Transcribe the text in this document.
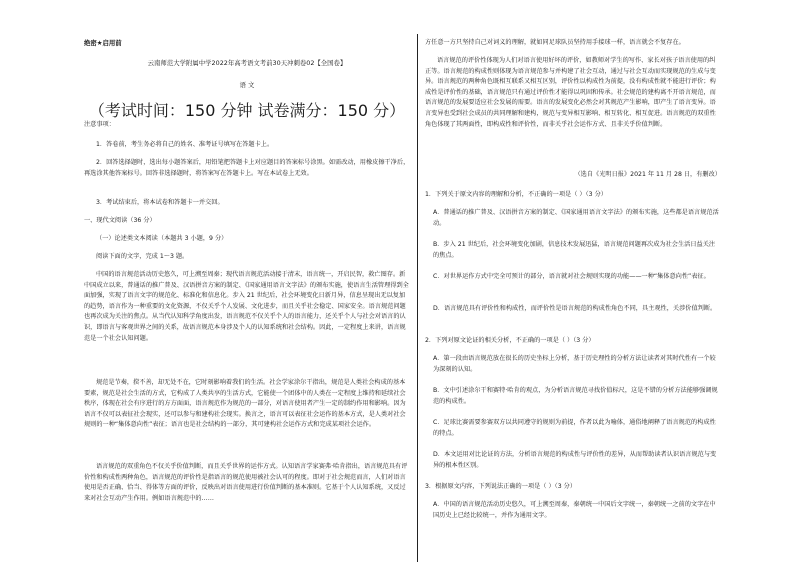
绝密★启用前
云南师范大学附属中学2022年高考语文考前30天冲刺卷02【全国卷】
语 文
（考试时间：150 分钟 试卷满分：150 分）
注意事项：
1．答卷前，考生务必将自己的姓名、准考证号填写在答题卡上。
2．回答选择题时，选出每小题答案后，用铅笔把答题卡上对应题目的答案标号涂黑。如需改动，用橡皮擦干净后，再选涂其他答案标号。回答非选择题时，将答案写在答题卡上。写在本试卷上无效。
3．考试结束后，将本试卷和答题卡一并交回。
一、现代文阅读（36 分）
（一）论述类文本阅读（本题共 3 小题，9 分）
阅读下面的文字，完成 1～3 题。
中国的语言规范活动历史悠久，可上溯至周秦；现代语言规范活动接于清末，语言统一，开启民智，救亡图存。新中国成立以来，普通话的推广普及、汉语拼音方案的制定、《国家通用语言文字法》的颁布实施，使语言生活管理得到全面加强，实现了语言文字的规范化、标准化和信息化。步入 21 世纪后，社会环境变化日新月异，信息呈现出无以复加的趋势，语言作为一种重要的文化资源，不仅关乎个人发展、文化进步，而且关乎社会稳定、国家安全。语言规范问题也再次成为关注的焦点。从当代认知科学角度出发，语言规范不仅关乎个人的语言能力，还关乎个人与社会对语言的认识，即语言与客观世界之间的关系，故语言规范本身涉及个人的认知系统和社会结构。因此，一定程度上来讲，语言规范是一个社会认知问题。
规范是节奏，揆不善，却无处不在，它时刻影响着我们的生活。社会学家涂尔干指出，规范是人类社会构成的基本要素，规范是社会生活的方式，它构成了人类共享的生活方式，它能使一个团体中的人类在一定程度上维持和延续社会秩序，体现在社会有序进行的方方面面，语言规范作为规范的一部分，对语言使用者产生一定的制约作用和影响。因为语言不仅可以表征社会现实，还可以参与和建构社会现实。换言之，语言可以表征社会运作的基本方式，是人类对社会规则的一种“集体意向性”表征；语言也是社会结构的一部分，其可建构社会运作方式和完成某项社会运作。
语言规范的双重角色不仅关乎价值判断，而且关乎世界的运作方式。认知语言学家赛弗·哈肯指出，语言规范具有评价性和构成性两种角色，语言规范的评价性是指语言的规范使用被社会认可的程度。即对于社会规范而言，人们对语言使用是否正确、恰当、得体等方面的评价，反映出对语言使用进行价值判断的基本准则。它基于个人认知系统，又反过来对社会互动产生作用。例如语言规范中的……
方任意一方只坚持自己对词义的理解，就如同足球队员坚持用手接球一样，语言就会不复存在。
语言规范的评价性体现为人们对语言使用好坏的评价，如教师对学生的写作、家长对孩子语言使用的纠正等。语言规范的构成性则体现为语言规范参与并构建了社会互动，通过与社会互动而实现规范的生成与变异。语言规范的两种角色既相互联系又相互区别，评价性以构成性为前提，没有构成性就不能进行评价；构成性是评价性的基础，语言规范只有通过评价性才能得以巩固和传承。社会规范的建构离不开语言规范，而语言规范的发展要适应社会发展的需要。语言的发展变化必然会对其规范产生影响，即产生了语言变异。语言变异也受到社会成员的共同理解和建构，规范与变异相互影响、相互转化、相互促进。语言规范的双重性角色体现了其两面性，即构成性和评价性，而非关乎社会运作方式、且非关乎价值判断。
（选自《光明日报》2021 年 11 月 28 日，有删改）
1．下列关于原文内容的理解和分析，不正确的一项是（ ）（3 分）
A．普通话的推广普及、汉语拼音方案的制定、《国家通用语言文字法》的颁布实施，这些都是语言规范活动。
B．步入 21 世纪后，社会环境变化加剧，信息技术发展迅猛，语言规范问题再次成为社会生活日益关注的焦点。
C．对世界运作方式中完全可预计的部分，语言就对社会规则实现的功能——一种“集体意向性”表征。
D．语言规范具有评价性和构成性，而评价性是语言规范的构成性角色不同，具主观性，关涉价值判断。
2．下列对原文论证的相关分析，不正确的一项是（ ）（3 分）
A．第一段由语言规范放在很长的历史坐标上分析，基于历史理性的分析方法让读者对其时代性有一个较为深刻的认知。
B．文中引述涂尔干和赛特·哈肯的观点，为分析语言规范寻找价值标尺，这是不错的分析方法能够强调规范的构成性。
C．足球比赛需要参赛双方以共同遵守的规则为前提，作者以此为喻体，通俗地阐释了语言规范的构成性的特点。
D．本文运用对比论证的方法，分析语言规范的构成性与评价性的差异，从而帮助读者认识语言规范与变异的根本性区别。
3．根据原文内容，下列说法正确的一项是（ ）（3 分）
A．中国的语言规范活动历史悠久，可上溯至周秦，秦朝统一中国后文字统一，秦朝统一之前的文字在中国历史上已经比较统一，并作为通用文字。
